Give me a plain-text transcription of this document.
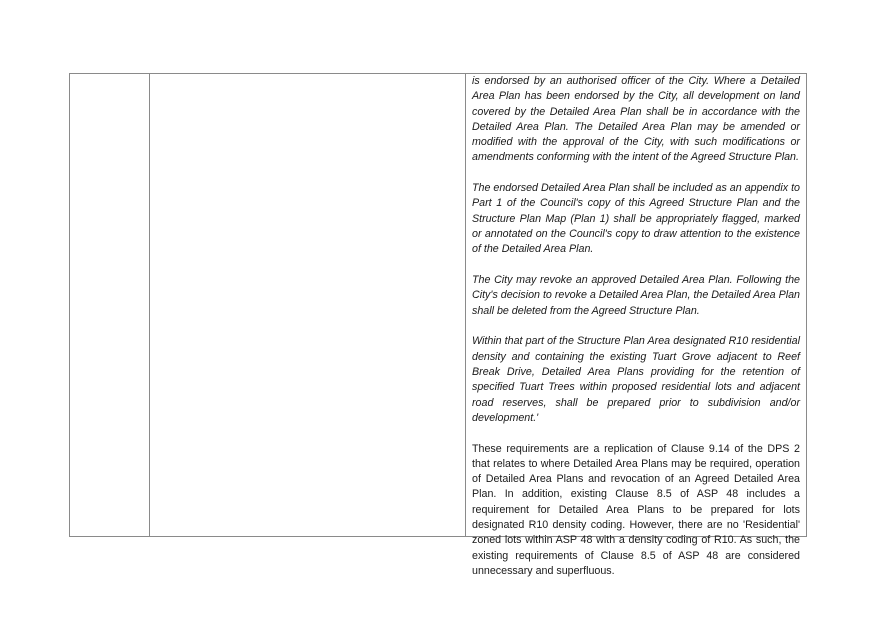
is endorsed by an authorised officer of the City. Where a Detailed Area Plan has been endorsed by the City, all development on land covered by the Detailed Area Plan shall be in accordance with the Detailed Area Plan. The Detailed Area Plan may be amended or modified with the approval of the City, with such modifications or amendments conforming with the intent of the Agreed Structure Plan.

The endorsed Detailed Area Plan shall be included as an appendix to Part 1 of the Council's copy of this Agreed Structure Plan and the Structure Plan Map (Plan 1) shall be appropriately flagged, marked or annotated on the Council's copy to draw attention to the existence of the Detailed Area Plan.

The City may revoke an approved Detailed Area Plan. Following the City's decision to revoke a Detailed Area Plan, the Detailed Area Plan shall be deleted from the Agreed Structure Plan.

Within that part of the Structure Plan Area designated R10 residential density and containing the existing Tuart Grove adjacent to Reef Break Drive, Detailed Area Plans providing for the retention of specified Tuart Trees within proposed residential lots and adjacent road reserves, shall be prepared prior to subdivision and/or development.'

These requirements are a replication of Clause 9.14 of the DPS 2 that relates to where Detailed Area Plans may be required, operation of Detailed Area Plans and revocation of an Agreed Detailed Area Plan. In addition, existing Clause 8.5 of ASP 48 includes a requirement for Detailed Area Plans to be prepared for lots designated R10 density coding. However, there are no 'Residential' zoned lots within ASP 48 with a density coding of R10. As such, the existing requirements of Clause 8.5 of ASP 48 are considered unnecessary and superfluous.
